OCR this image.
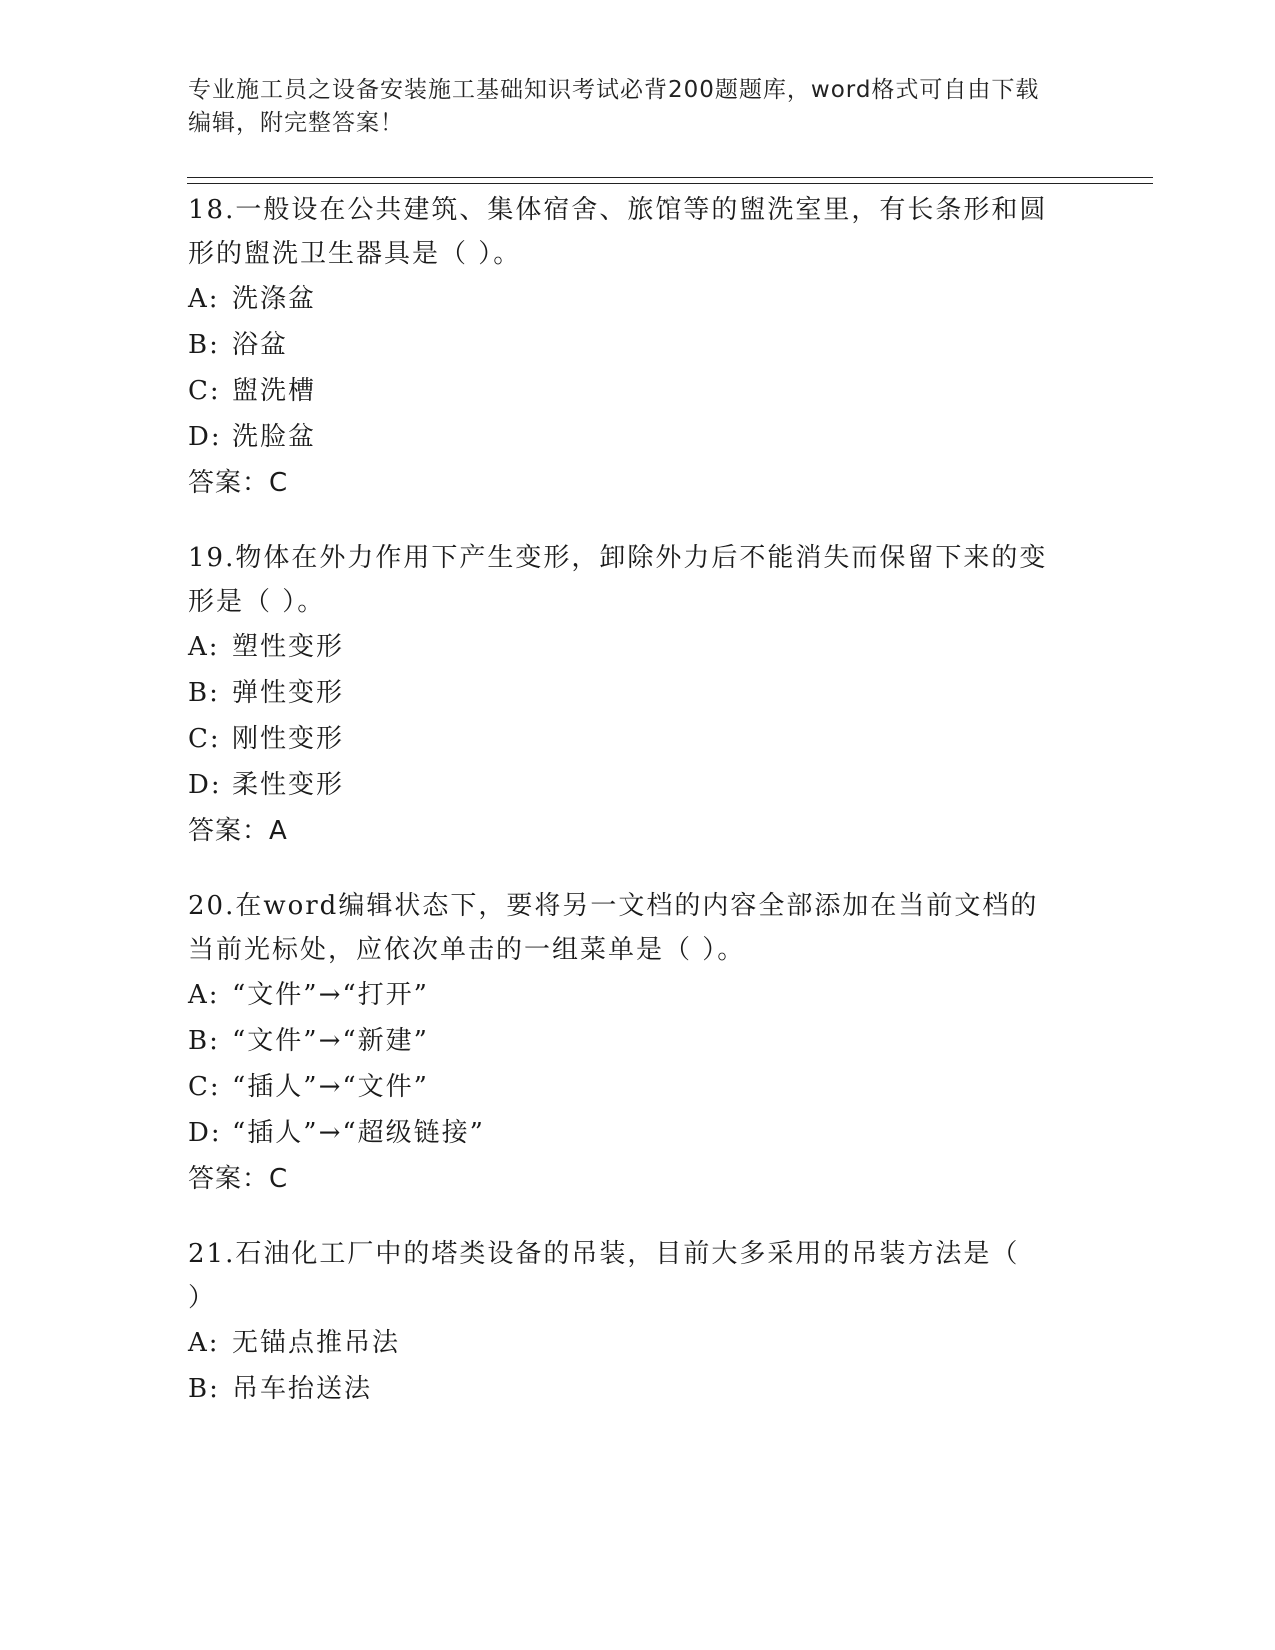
专业施工员之设备安装施工基础知识考试必背200题题库，word格式可自由下载
编辑，附完整答案！

18.一般设在公共建筑、集体宿舍、旅馆等的盥洗室里，有长条形和圆

形的盥洗卫生器具是（ ）。

A: 洗涤盆

B: 浴盆

C: 盥洗槽

D: 洗脸盆

答案：C

19.物体在外力作用下产生变形，卸除外力后不能消失而保留下来的变

形是（ ）。

A: 塑性变形

B: 弹性变形

C: 刚性变形

D: 柔性变形

答案：A

20.在word编辑状态下，要将另一文档的内容全部添加在当前文档的

当前光标处，应依次单击的一组菜单是（ ）。

A: “文件”→“打开”

B: “文件”→“新建”

C: “插人”→“文件”

D: “插人”→“超级链接”

答案：C

21.石油化工厂中的塔类设备的吊装，目前大多采用的吊装方法是（

）

A: 无锚点推吊法

B: 吊车抬送法
